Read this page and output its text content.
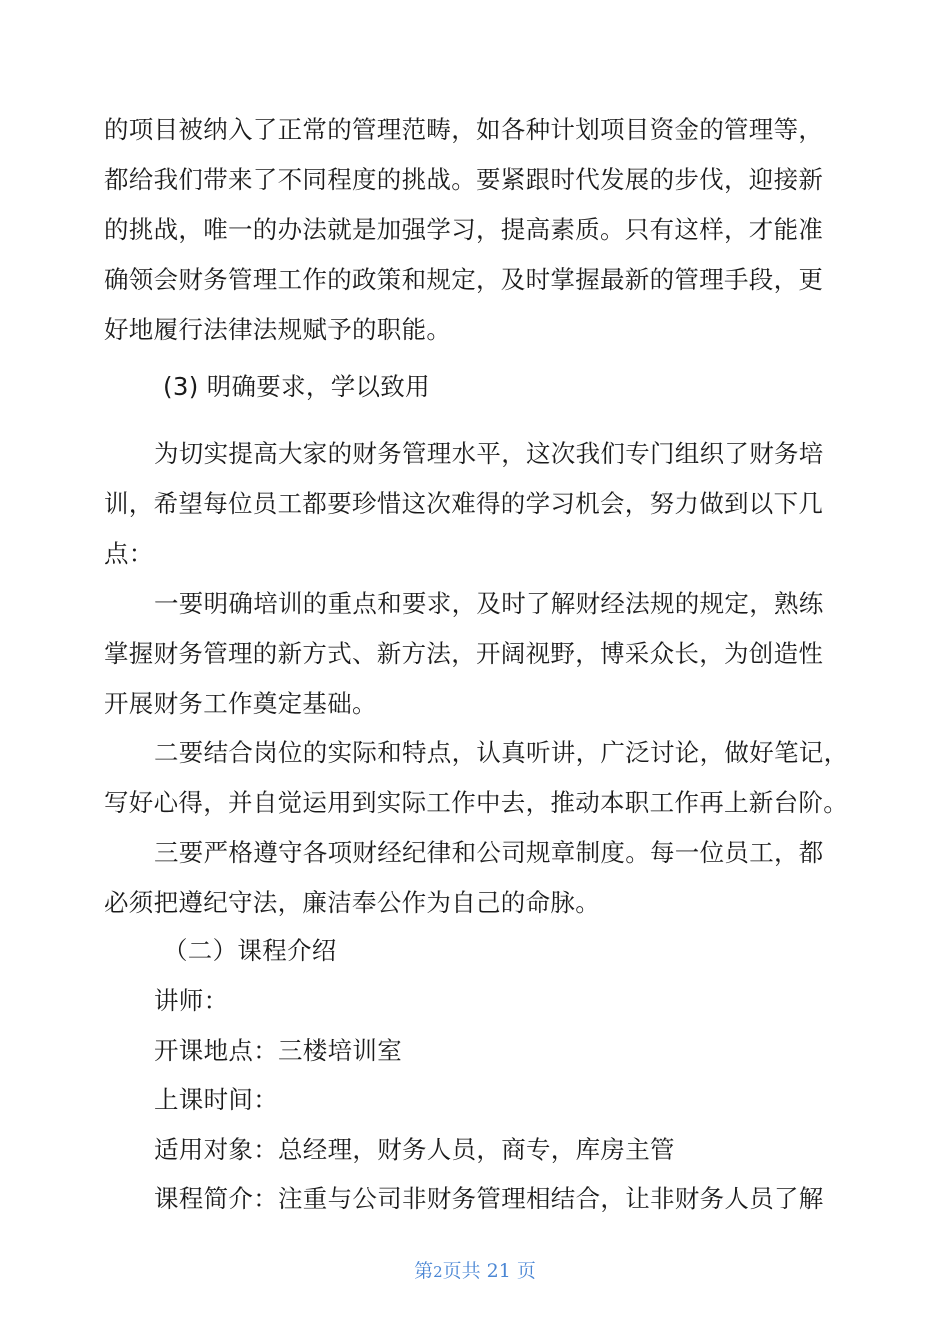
的项目被纳入了正常的管理范畴，如各种计划项目资金的管理等，
都给我们带来了不同程度的挑战。要紧跟时代发展的步伐，迎接新
的挑战，唯一的办法就是加强学习，提高素质。只有这样，才能准
确领会财务管理工作的政策和规定，及时掌握最新的管理手段，更
好地履行法律法规赋予的职能。
(3) 明确要求，学以致用
为切实提高大家的财务管理水平，这次我们专门组织了财务培
训，希望每位员工都要珍惜这次难得的学习机会，努力做到以下几
点：
一要明确培训的重点和要求，及时了解财经法规的规定，熟练
掌握财务管理的新方式、新方法，开阔视野，博采众长，为创造性
开展财务工作奠定基础。
二要结合岗位的实际和特点，认真听讲，广泛讨论，做好笔记，
写好心得，并自觉运用到实际工作中去，推动本职工作再上新台阶。
三要严格遵守各项财经纪律和公司规章制度。每一位员工，都
必须把遵纪守法，廉洁奉公作为自己的命脉。
（二）课程介绍
讲师：
开课地点：三楼培训室
上课时间：
适用对象：总经理，财务人员，商专，库房主管
课程简介：注重与公司非财务管理相结合，让非财务人员了解
第2页共 21 页
